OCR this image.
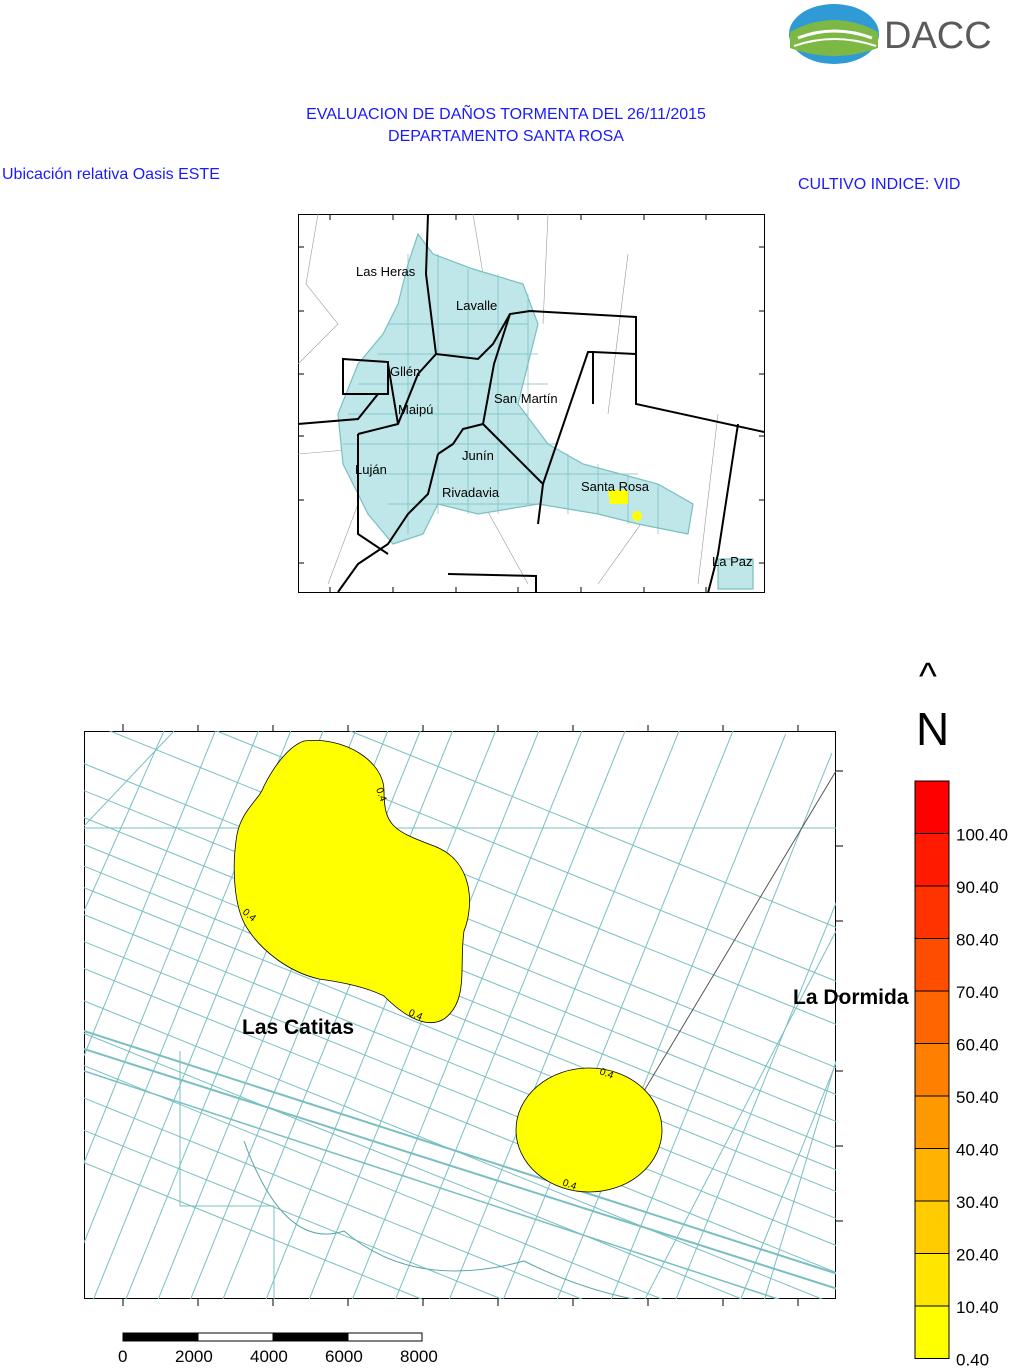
DACC
EVALUACION DE DAÑOS TORMENTA DEL 26/11/2015
DEPARTAMENTO SANTA ROSA
Ubicación relativa Oasis ESTE
CULTIVO INDICE: VID
Las Heras
Lavalle
Gllén
Maipú
San Martín
Luján
Junín
Rivadavia	Santa Rosa
La Paz
^
N
0.4
0.4
0.4
0.4
0.4
Las Catitas
La Dormida
0	2000 4000 6000 8000
100.40
90.40
80.40
70.40
60.40
50.40
40.40
30.40
20.40
10.40
0.40
